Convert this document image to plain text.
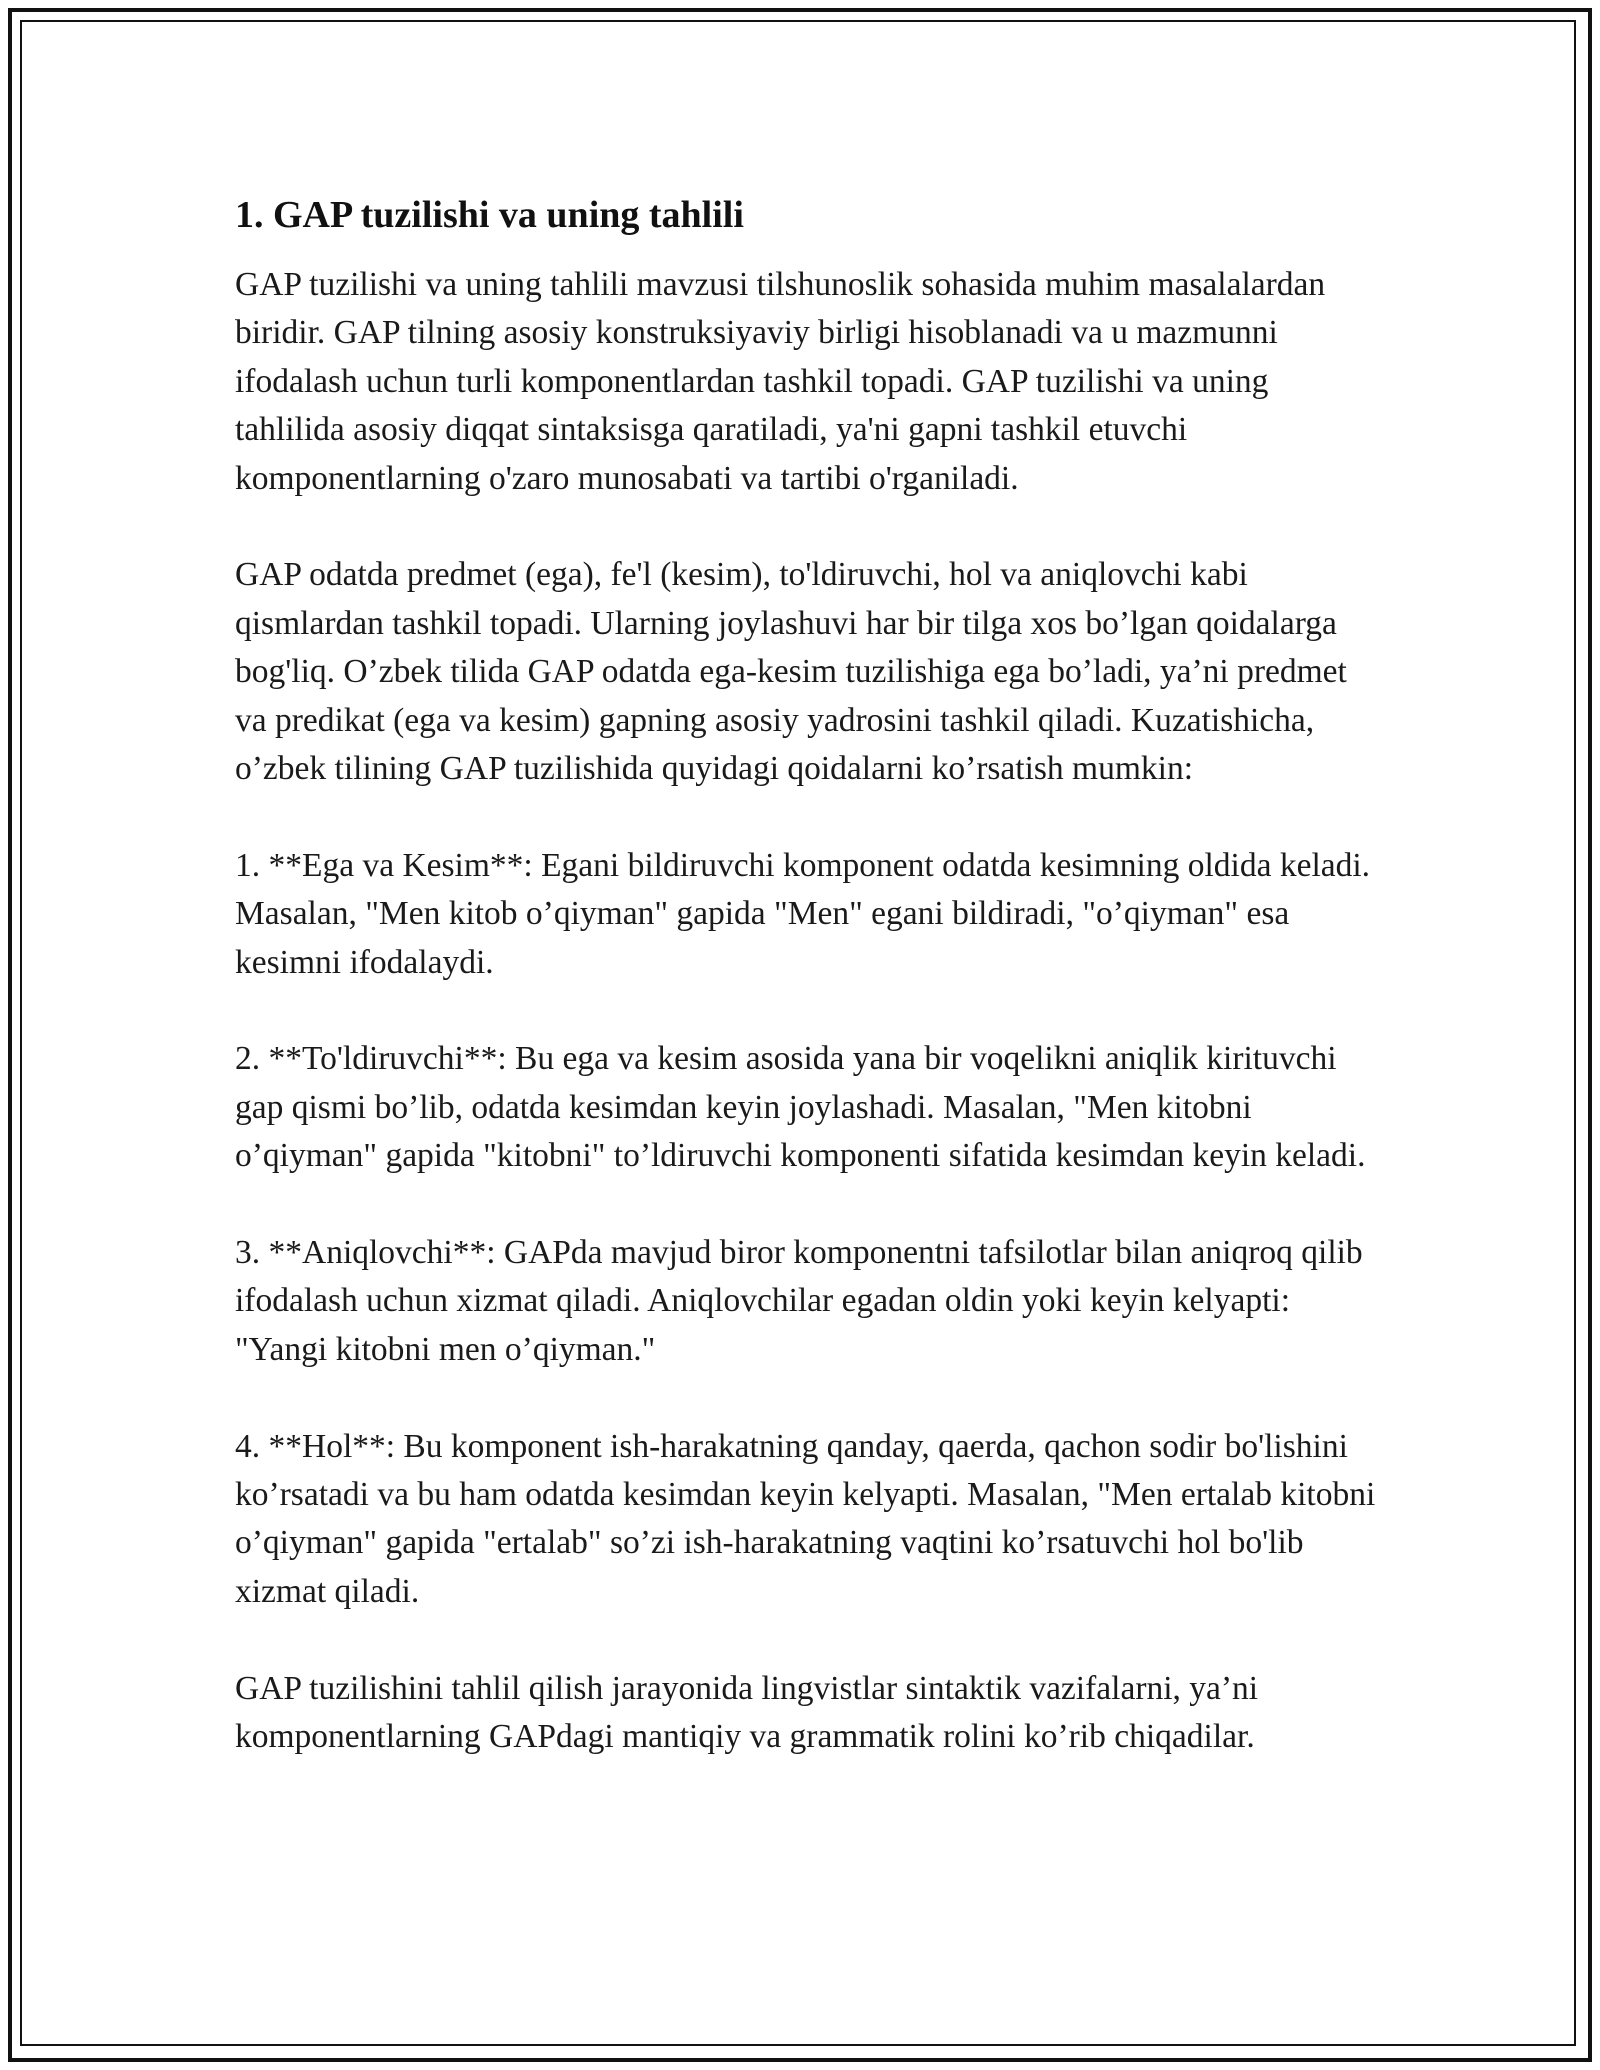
1. GAP tuzilishi va uning tahlili

GAP tuzilishi va uning tahlili mavzusi tilshunoslik sohasida muhim masalalardan biridir. GAP tilning asosiy konstruksiyaviy birligi hisoblanadi va u mazmunni ifodalash uchun turli komponentlardan tashkil topadi. GAP tuzilishi va uning tahlilida asosiy diqqat sintaksisga qaratiladi, ya'ni gapni tashkil etuvchi komponentlarning o'zaro munosabati va tartibi o'rganiladi.

GAP odatda predmet (ega), fe'l (kesim), to'ldiruvchi, hol va aniqlovchi kabi qismlardan tashkil topadi. Ularning joylashuvi har bir tilga xos bo’lgan qoidalarga bog'liq. O’zbek tilida GAP odatda ega-kesim tuzilishiga ega bo’ladi, ya’ni predmet va predikat (ega va kesim) gapning asosiy yadrosini tashkil qiladi. Kuzatishicha, o’zbek tilining GAP tuzilishida quyidagi qoidalarni ko’rsatish mumkin:

1. **Ega va Kesim**: Egani bildiruvchi komponent odatda kesimning oldida keladi. Masalan, "Men kitob o’qiyman" gapida "Men" egani bildiradi, "o’qiyman" esa kesimni ifodalaydi.

2. **To'ldiruvchi**: Bu ega va kesim asosida yana bir voqelikni aniqlik kirituvchi gap qismi bo’lib, odatda kesimdan keyin joylashadi. Masalan, "Men kitobni o’qiyman" gapida "kitobni" to’ldiruvchi komponenti sifatida kesimdan keyin keladi.

3. **Aniqlovchi**: GAPda mavjud biror komponentni tafsilotlar bilan aniqroq qilib ifodalash uchun xizmat qiladi. Aniqlovchilar egadan oldin yoki keyin kelyapti: "Yangi kitobni men o’qiyman."

4. **Hol**: Bu komponent ish-harakatning qanday, qaerda, qachon sodir bo'lishini ko’rsatadi va bu ham odatda kesimdan keyin kelyapti. Masalan, "Men ertalab kitobni o’qiyman" gapida "ertalab" so’zi ish-harakatning vaqtini ko’rsatuvchi hol bo'lib xizmat qiladi.

GAP tuzilishini tahlil qilish jarayonida lingvistlar sintaktik vazifalarni, ya’ni komponentlarning GAPdagi mantiqiy va grammatik rolini ko’rib chiqadilar.
